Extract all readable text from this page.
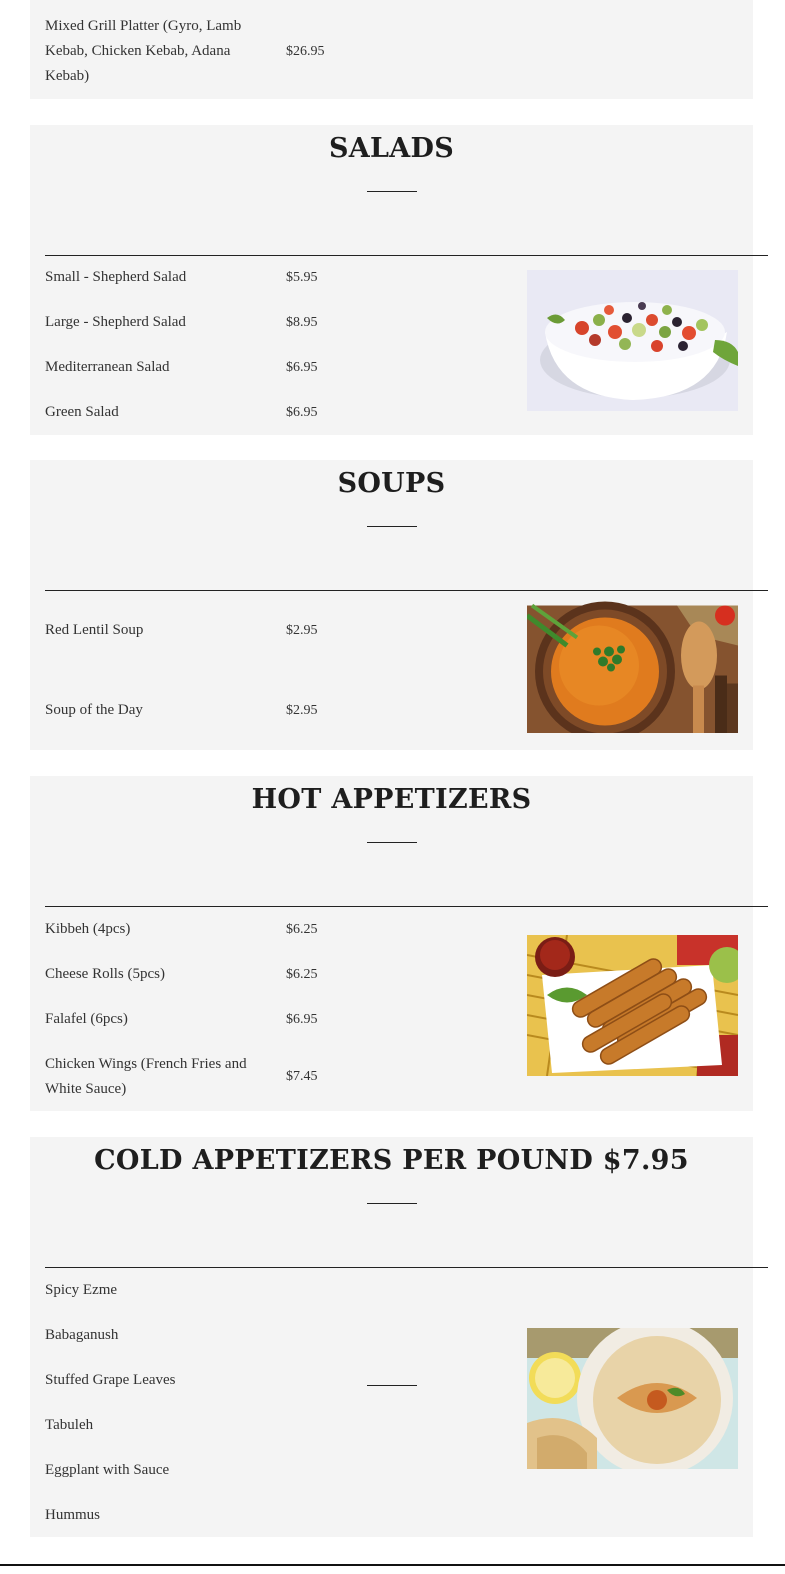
Mixed Grill Platter (Gyro, Lamb Kebab, Chicken Kebab, Adana Kebab)
$26.95
SALADS
Small - Shepherd Salad	$5.95
Large - Shepherd Salad	$8.95
Mediterranean Salad	$6.95
Green Salad	$6.95
SOUPS
Red Lentil Soup	$2.95
Soup of the Day	$2.95
HOT APPETIZERS
Kibbeh (4pcs)	$6.25
Cheese Rolls (5pcs)	$6.25
Falafel (6pcs)	$6.95
Chicken Wings (French Fries and White Sauce)
$7.45
COLD APPETIZERS PER POUND $7.95
Spicy Ezme
Babaganush
Stuffed Grape Leaves
Tabuleh
Eggplant with Sauce
Hummus
